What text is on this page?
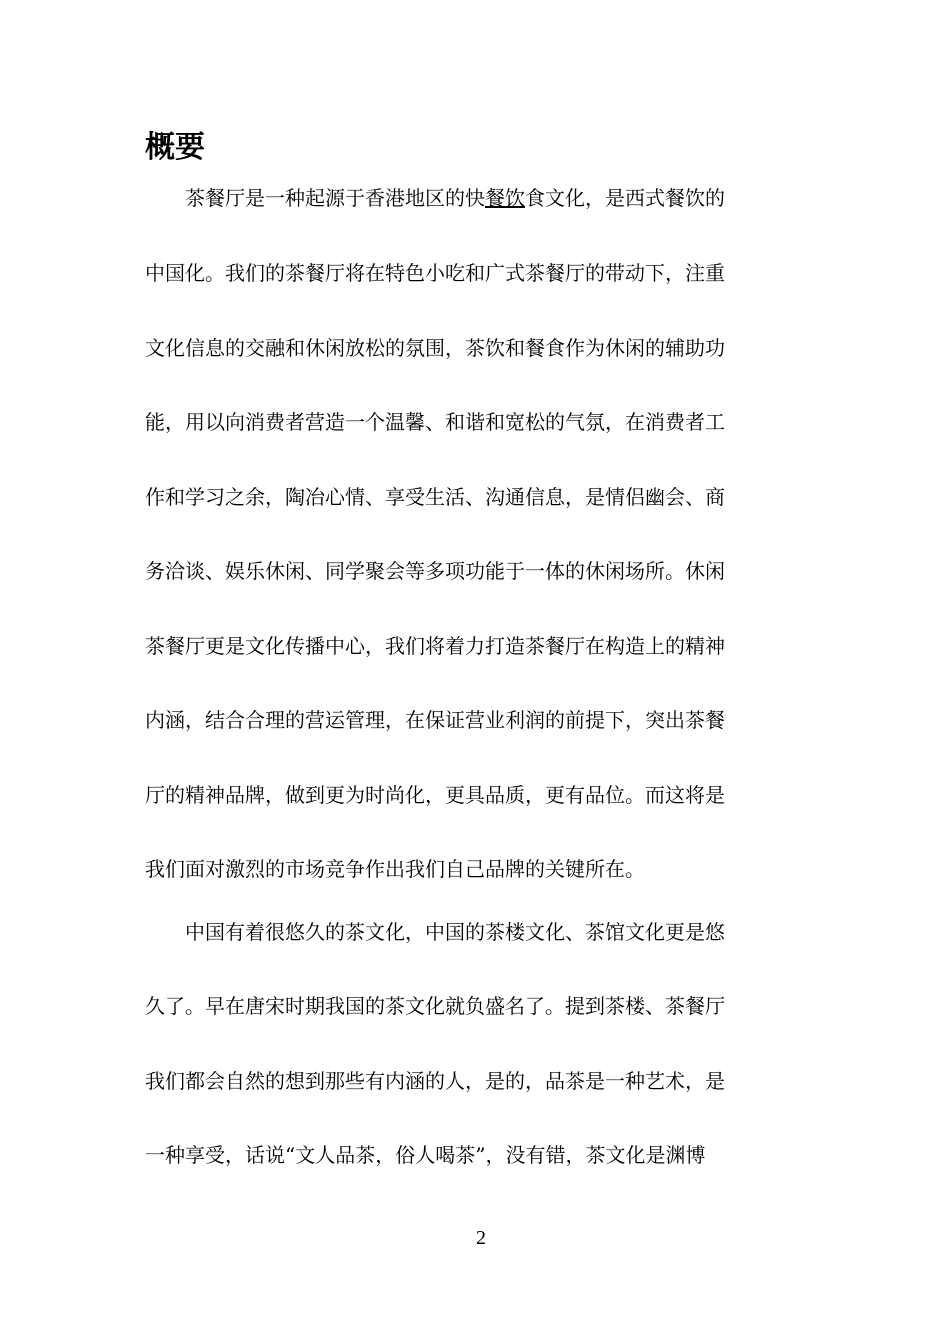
概要

茶餐厅是一种起源于香港地区的快餐饮食文化，是西式餐饮的

中国化。我们的茶餐厅将在特色小吃和广式茶餐厅的带动下，注重

文化信息的交融和休闲放松的氛围，茶饮和餐食作为休闲的辅助功

能，用以向消费者营造一个温馨、和谐和宽松的气氛，在消费者工

作和学习之余，陶冶心情、享受生活、沟通信息，是情侣幽会、商

务洽谈、娱乐休闲、同学聚会等多项功能于一体的休闲场所。休闲

茶餐厅更是文化传播中心，我们将着力打造茶餐厅在构造上的精神

内涵，结合合理的营运管理，在保证营业利润的前提下，突出茶餐

厅的精神品牌，做到更为时尚化，更具品质，更有品位。而这将是

我们面对激烈的市场竞争作出我们自己品牌的关键所在。

中国有着很悠久的茶文化，中国的茶楼文化、茶馆文化更是悠

久了。早在唐宋时期我国的茶文化就负盛名了。提到茶楼、茶餐厅

我们都会自然的想到那些有内涵的人，是的，品茶是一种艺术，是

一种享受，话说“文人品茶，俗人喝茶”，没有错，茶文化是渊博

2
